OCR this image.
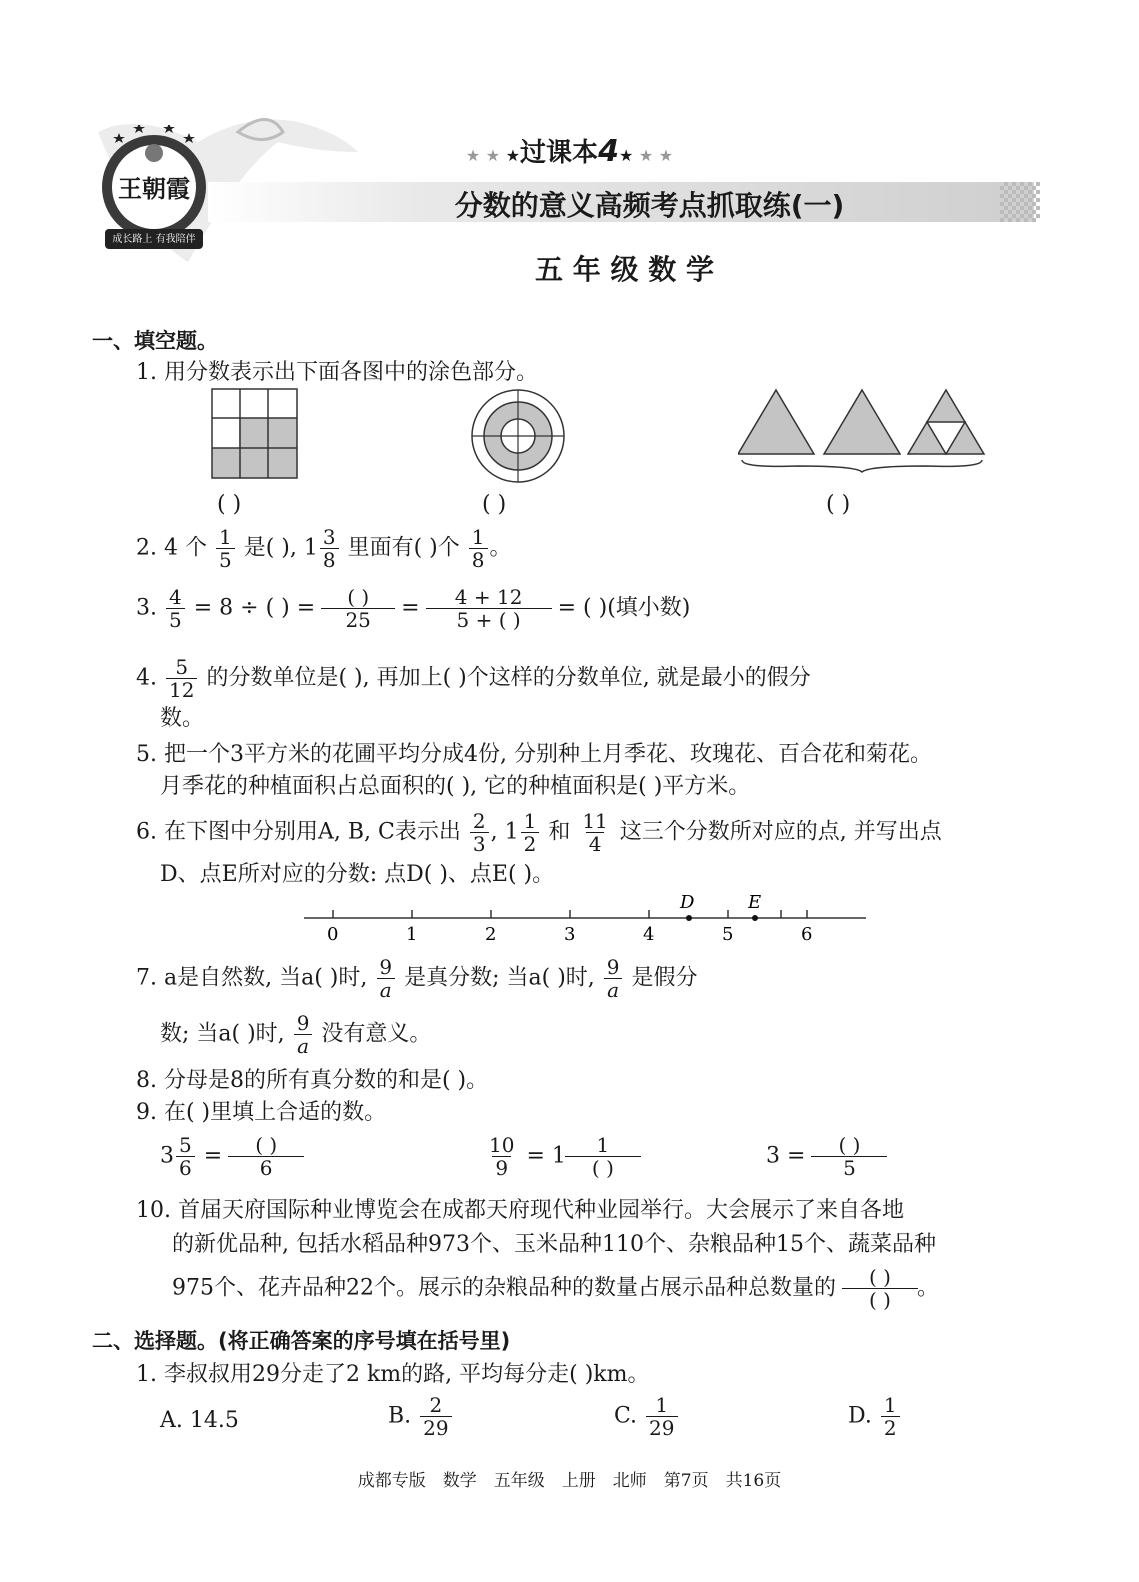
王朝霞
成长路上 有我陪伴
★ ★ ★过课本4★ ★ ★
分数的意义高频考点抓取练(一)
五 年 级 数 学
一、填空题。
1. 用分数表示出下面各图中的涂色部分。
( )	( )	( )
2. 4 个 $\frac{1}{5}$ 是( ), $1 \frac{3}{8}$ 里面有( )个 $\frac{1}{8}$ 。
3. $\frac{4}{5} = 8$ ÷ ( ) = $\frac{( )}{25} = \frac{4 + 12}{5 + ( )}$ = ( )(填小数)
4. $\frac{5}{12}$ 的分数单位是( ), 再加上( )个这样的分数单位, 就是最小的假分
数。
5. 把一个3平方米的花圃平均分成4份, 分别种上月季花、玫瑰花、百合花和菊花。
月季花的种植面积占总面积的( ), 它的种植面积是( )平方米。
6. 在下图中分别用A, B, C表示出 $\frac{2}{3}$ , $1 \frac{1}{2}$ 和 $\frac{11}{4}$ 这三个分数所对应的点, 并写出点
D、点E所对应的分数: 点D( )、点E( )。
D	E
0	1	2	3	4	5	6
7. a是自然数, 当a( )时, $\frac{9}{a}$ 是真分数; 当a( )时, $\frac{9}{a}$ 是假分
数; 当a( )时, $\frac{9}{a}$ 没有意义。
8. 分母是8的所有真分数的和是( )。
9. 在( )里填上合适的数。
$3 \frac{5}{6} = \frac{( )}{6}$	$\frac{10}{9} = 1 \frac{1}{( )}$	$3 = \frac{( )}{5}$
10. 首届天府国际种业博览会在成都天府现代种业园举行。大会展示了来自各地
的新优品种, 包括水稻品种973个、玉米品种110个、杂粮品种15个、蔬菜品种
975个、花卉品种22个。展示的杂粮品种的数量占展示品种总数量的 $\frac{( )}{( )}$ 。
二、选择题。(将正确答案的序号填在括号里)
1. 李叔叔用29分走了2 km的路, 平均每分走( )km。
A. 14.5	B. $\frac{2}{29}$	C. $\frac{1}{29}$	D. $\frac{1}{2}$
成都专版　数学　五年级　上册　北师　第7页　共16页
